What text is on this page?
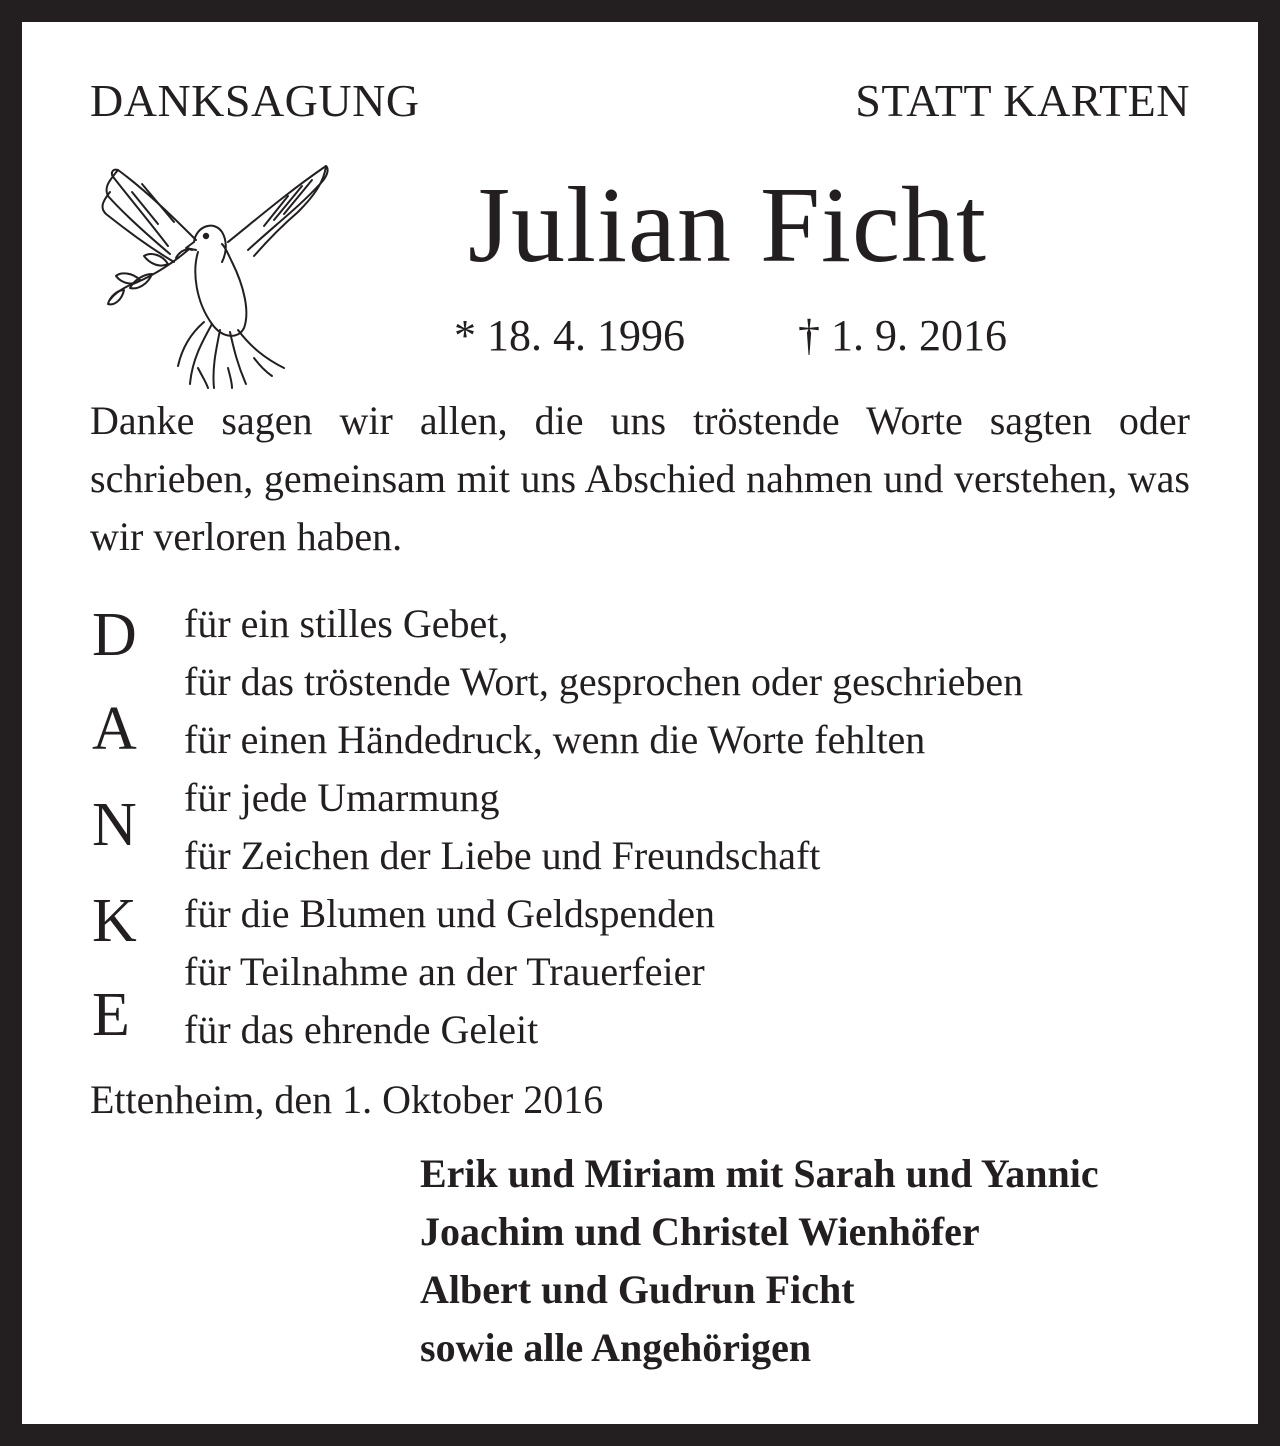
DANKSAGUNG	STATT KARTEN
Julian Ficht
* 18. 4. 1996	† 1. 9. 2016
Danke sagen wir allen, die uns tröstende Worte sagten oder schrieben, gemeinsam mit uns Abschied nahmen und verstehen, was wir verloren haben.
D
A
N
K
E
für ein stilles Gebet,
für das tröstende Wort, gesprochen oder geschrieben
für einen Händedruck, wenn die Worte fehlten
für jede Umarmung
für Zeichen der Liebe und Freundschaft
für die Blumen und Geldspenden
für Teilnahme an der Trauerfeier
für das ehrende Geleit
Ettenheim, den 1. Oktober 2016
Erik und Miriam mit Sarah und Yannic
Joachim und Christel Wienhöfer
Albert und Gudrun Ficht
sowie alle Angehörigen
